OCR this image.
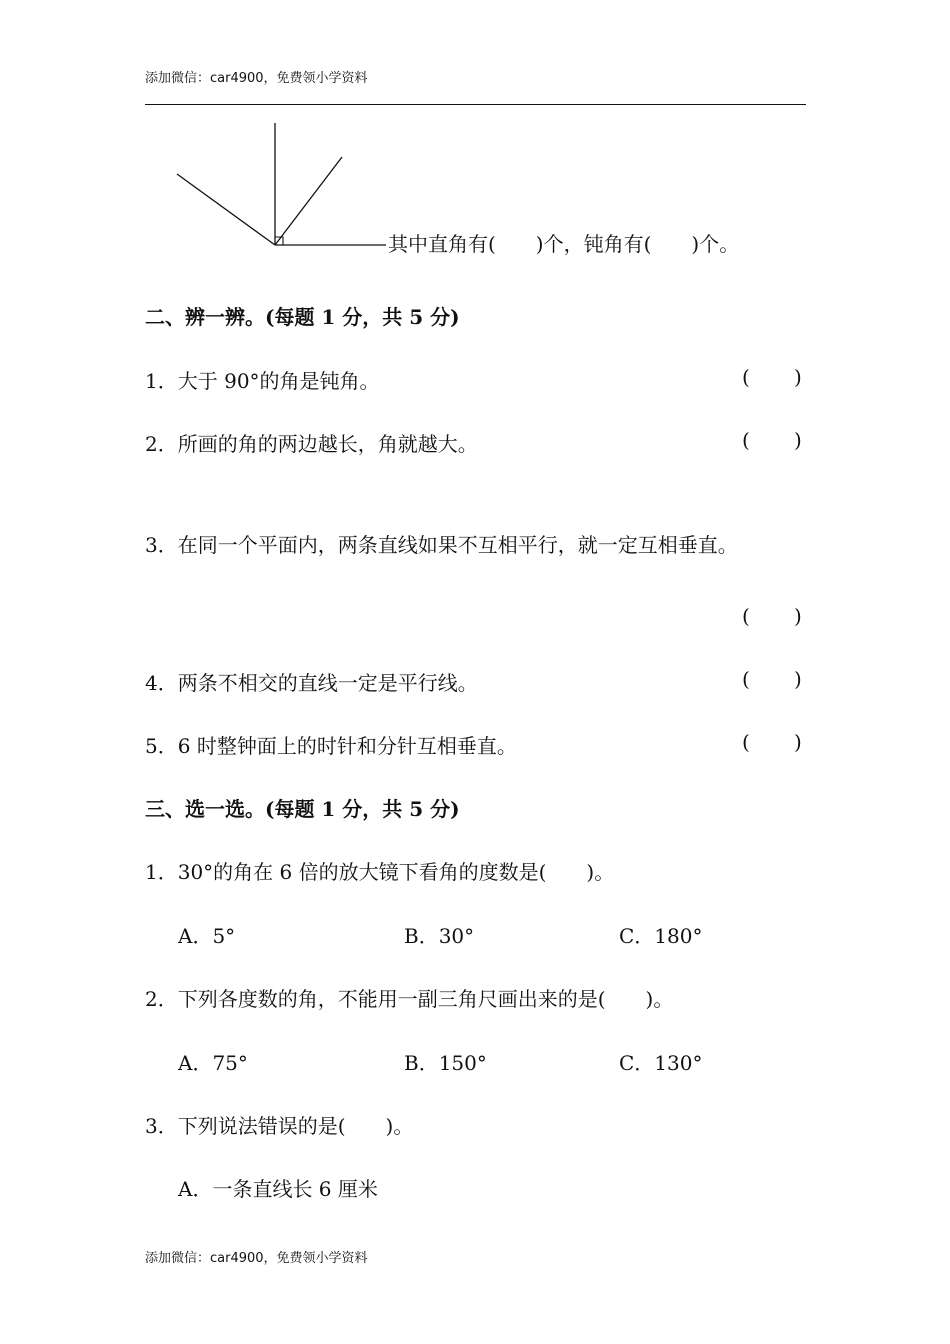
添加微信：car4900，免费领小学资料
其中直角有(　　)个，钝角有(　　)个。
二、辨一辨。(每题 1 分，共 5 分)
1．大于 90°的角是钝角。	( )
2．所画的角的两边越长，角就越大。	( )
3．在同一个平面内，两条直线如果不互相平行，就一定互相垂直。
( )
4．两条不相交的直线一定是平行线。	( )
5．6 时整钟面上的时针和分针互相垂直。	( )
三、选一选。(每题 1 分，共 5 分)
1．30°的角在 6 倍的放大镜下看角的度数是(　　)。
A．5°	B．30°	C．180°
2．下列各度数的角，不能用一副三角尺画出来的是(　　)。
A．75°	B．150°	C．130°
3．下列说法错误的是(　　)。
A．一条直线长 6 厘米
添加微信：car4900，免费领小学资料
